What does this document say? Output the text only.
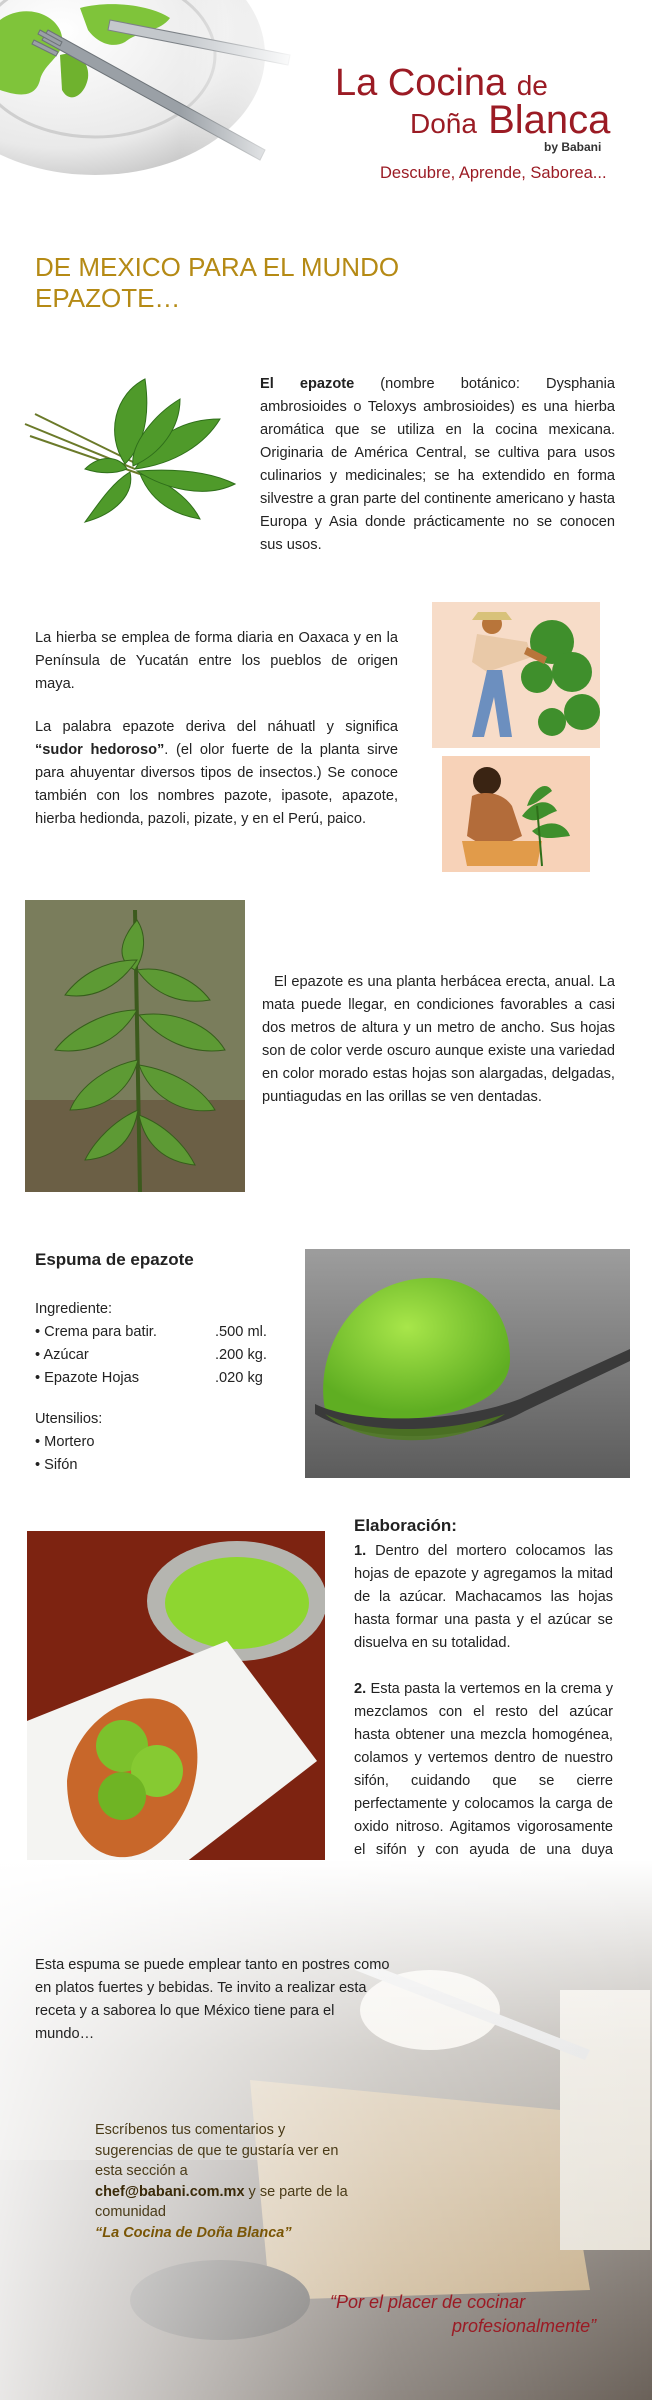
La Cocina de
Doña Blanca
by Babani
Descubre, Aprende, Saborea...
DE MEXICO PARA EL MUNDO
EPAZOTE…
El epazote (nombre botánico: Dysphania ambrosioides o Teloxys ambrosioides) es una hierba aromática que se utiliza en la cocina mexicana. Originaria de América Central, se cultiva para usos culinarios y medicinales; se ha extendido en forma silvestre a gran parte del continente americano y hasta Europa y Asia donde prácticamente no se conocen sus usos.
La hierba se emplea de forma diaria en Oaxaca y en la Península de Yucatán entre los pueblos de origen maya.
La palabra epazote deriva del náhuatl y significa “sudor hedoroso”. (el olor fuerte de la planta sirve para ahuyentar diversos tipos de insectos.) Se conoce también con los nombres pazote, ipasote, apazote, hierba hedionda, pazoli, pizate, y en el Perú, paico.
El epazote es una planta herbácea erecta, anual. La mata puede llegar, en condiciones favorables a casi dos metros de altura y un metro de ancho. Sus hojas son de color verde oscuro aunque existe una variedad en color morado estas hojas son alargadas, delgadas, puntiagudas en las orillas se ven dentadas.
Espuma de epazote
Ingrediente:
• Crema para batir.	.500 ml.
• Azúcar	.200 kg.
• Epazote Hojas	.020 kg
Utensilios:
• Mortero
• Sifón
Elaboración:
1. Dentro del mortero colocamos las hojas de epazote y agregamos la mitad de la azúcar. Machacamos las hojas hasta formar una pasta y el azúcar se disuelva en su totalidad.
2. Esta pasta la vertemos en la crema y mezclamos con el resto del azúcar hasta obtener una mezcla homogénea, colamos y vertemos dentro de nuestro sifón, cuidando que se cierre perfectamente y colocamos la carga de oxido nitroso. Agitamos vigorosamente el sifón y con ayuda de una duya
Esta espuma se puede emplear tanto en postres como en platos fuertes y bebidas. Te invito a realizar esta receta y a saborea lo que México tiene para el mundo…
Escríbenos tus comentarios y sugerencias de que te gustaría ver en esta sección a
chef@babani.com.mx y se parte de la comunidad
“La Cocina de Doña Blanca”
“Por el placer de cocinar
profesionalmente”
